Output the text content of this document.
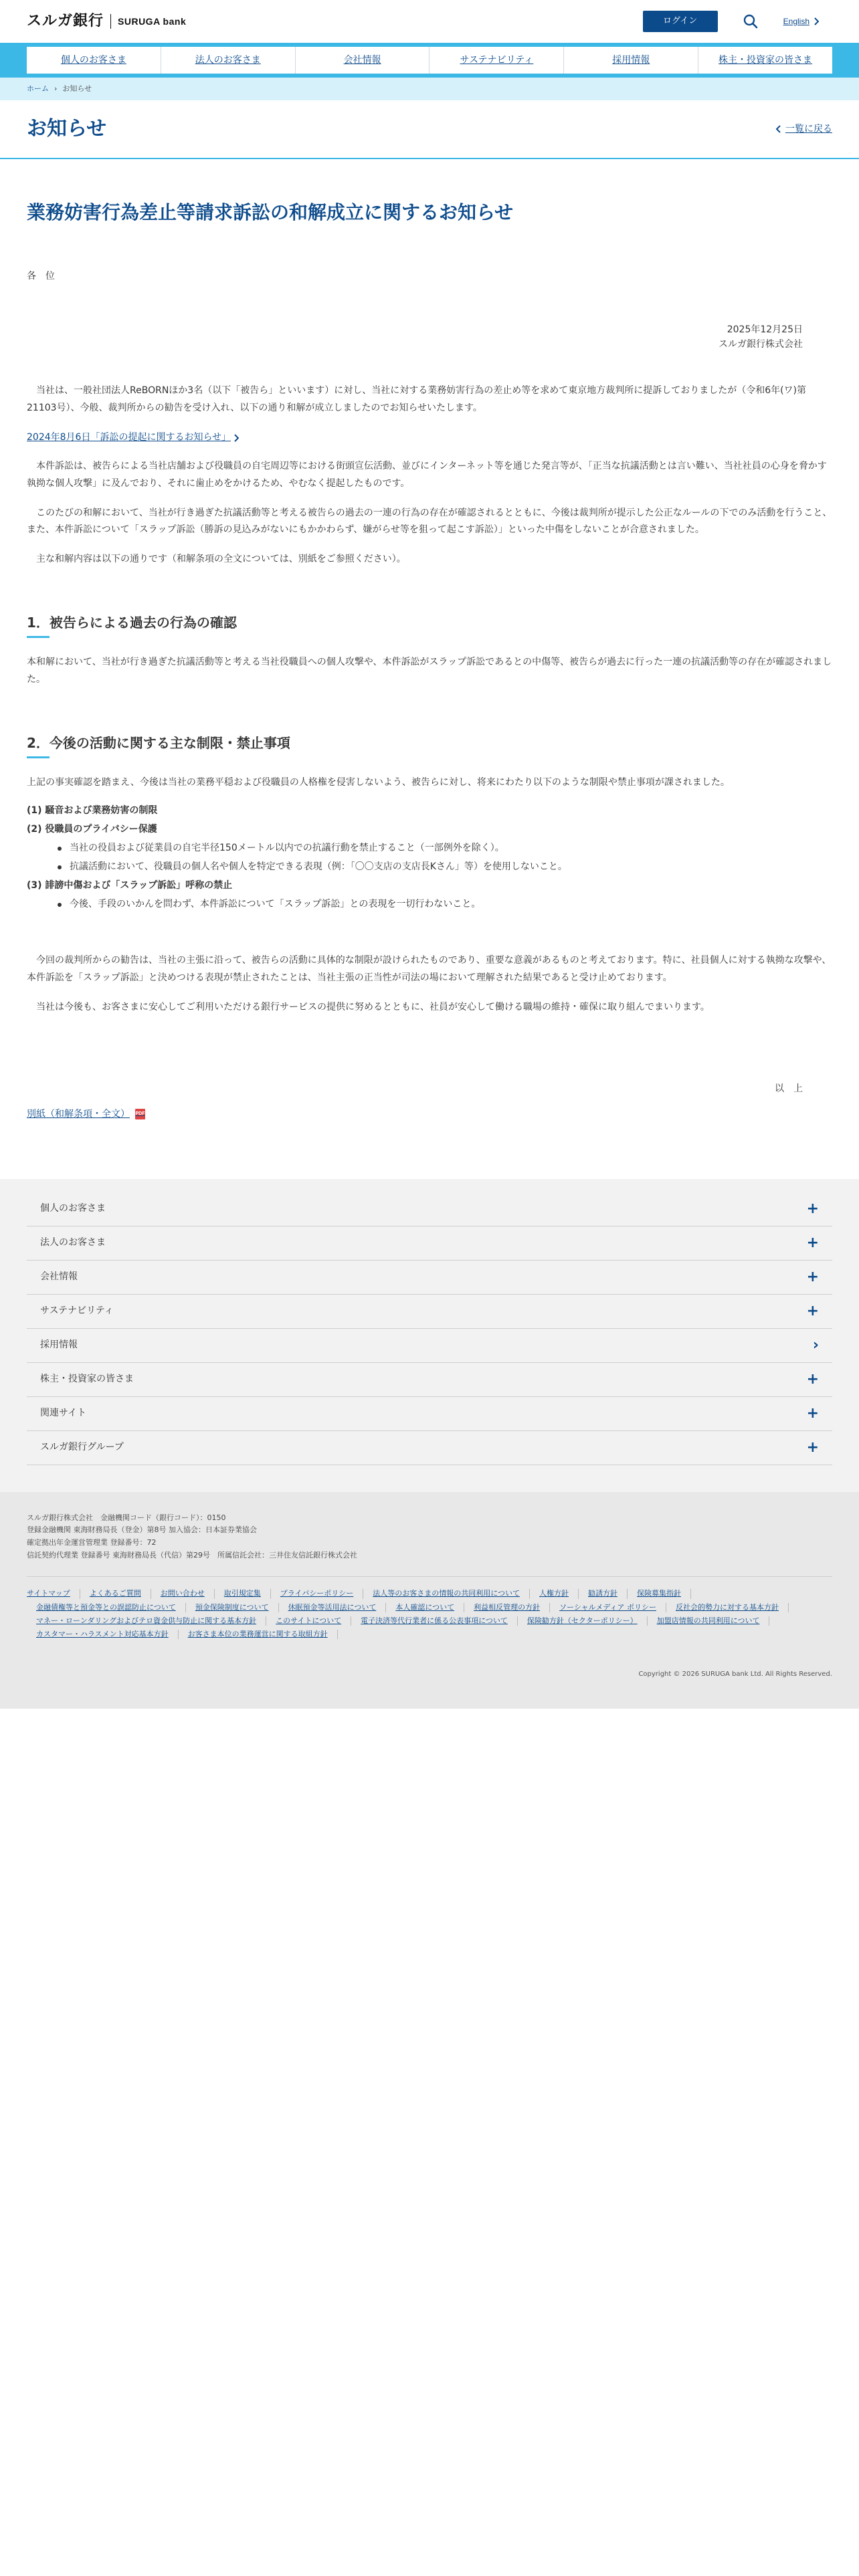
スルガ銀行 SURUGA bank	ログイン	English
個人のお客さま	法人のお客さま	会社情報	サステナビリティ	採用情報	株主・投資家の皆さま
ホーム › お知らせ
お知らせ	一覧に戻る
業務妨害行為差止等請求訴訟の和解成立に関するお知らせ

各　位

2025年12月25日
スルガ銀行株式会社

当社は、一般社団法人ReBORNほか3名（以下「被告ら」といいます）に対し、当社に対する業務妨害行為の差止め等を求めて東京地方裁判所に提訴しておりましたが（令和6年(ワ)第21103号）、今般、裁判所からの勧告を受け入れ、以下の通り和解が成立しましたのでお知らせいたします。

2024年8月6日「訴訟の提起に関するお知らせ」

本件訴訟は、被告らによる当社店舗および役職員の自宅周辺等における街頭宣伝活動、並びにインターネット等を通じた発言等が、「正当な抗議活動とは言い難い、当社社員の心身を脅かす執拗な個人攻撃」に及んでおり、それに歯止めをかけるため、やむなく提起したものです。

このたびの和解において、当社が行き過ぎた抗議活動等と考える被告らの過去の一連の行為の存在が確認されるとともに、今後は裁判所が提示した公正なルールの下でのみ活動を行うこと、また、本件訴訟について「スラップ訴訟（勝訴の見込みがないにもかかわらず、嫌がらせ等を狙って起こす訴訟）」といった中傷をしないことが合意されました。

主な和解内容は以下の通りです（和解条項の全文については、別紙をご参照ください）。

1．被告らによる過去の行為の確認

本和解において、当社が行き過ぎた抗議活動等と考える当社役職員への個人攻撃や、本件訴訟がスラップ訴訟であるとの中傷等、被告らが過去に行った一連の抗議活動等の存在が確認されました。

2．今後の活動に関する主な制限・禁止事項

上記の事実確認を踏まえ、今後は当社の業務平穏および役職員の人格権を侵害しないよう、被告らに対し、将来にわたり以下のような制限や禁止事項が課されました。

(1) 騒音および業務妨害の制限
(2) 役職員のプライバシー保護
当社の役員および従業員の自宅半径150メートル以内での抗議行動を禁止すること（一部例外を除く）。
抗議活動において、役職員の個人名や個人を特定できる表現（例：「〇〇支店の支店長Kさん」等）を使用しないこと。
(3) 誹謗中傷および「スラップ訴訟」呼称の禁止
今後、手段のいかんを問わず、本件訴訟について「スラップ訴訟」との表現を一切行わないこと。

今回の裁判所からの勧告は、当社の主張に沿って、被告らの活動に具体的な制限が設けられたものであり、重要な意義があるものと考えております。特に、社員個人に対する執拗な攻撃や、本件訴訟を「スラップ訴訟」と決めつける表現が禁止されたことは、当社主張の正当性が司法の場において理解された結果であると受け止めております。

当社は今後も、お客さまに安心してご利用いただける銀行サービスの提供に努めるとともに、社員が安心して働ける職場の維持・確保に取り組んでまいります。

以　上

別紙（和解条項・全文） PDF
個人のお客さま	+
法人のお客さま	+
会社情報	+
サステナビリティ	+
採用情報	›
株主・投資家の皆さま	+
関連サイト	+
スルガ銀行グループ	+
スルガ銀行株式会社　金融機関コード（銀行コード）：0150
登録金融機関 東海財務局長（登金）第8号 加入協会：日本証券業協会
確定拠出年金運営管理業 登録番号：72
信託契約代理業 登録番号 東海財務局長（代信）第29号　所属信託会社：三井住友信託銀行株式会社
サイトマップ	よくあるご質問	お問い合わせ	取引規定集	プライバシーポリシー	法人等のお客さまの情報の共同利用について	人権方針	勧誘方針	保険募集指針
金融債権等と預金等との誤認防止について	預金保険制度について	休眠預金等活用法について	本人確認について	利益相反管理の方針	ソーシャルメディア ポリシー	反社会的勢力に対する基本方針
マネー・ローンダリングおよびテロ資金供与防止に関する基本方針	このサイトについて	電子決済等代行業者に係る公表事項について	保険勧方針（セクターポリシー）	加盟店情報の共同利用について
カスタマー・ハラスメント対応基本方針	お客さま本位の業務運営に関する取組方針
Copyright © 2026 SURUGA bank Ltd. All Rights Reserved.
